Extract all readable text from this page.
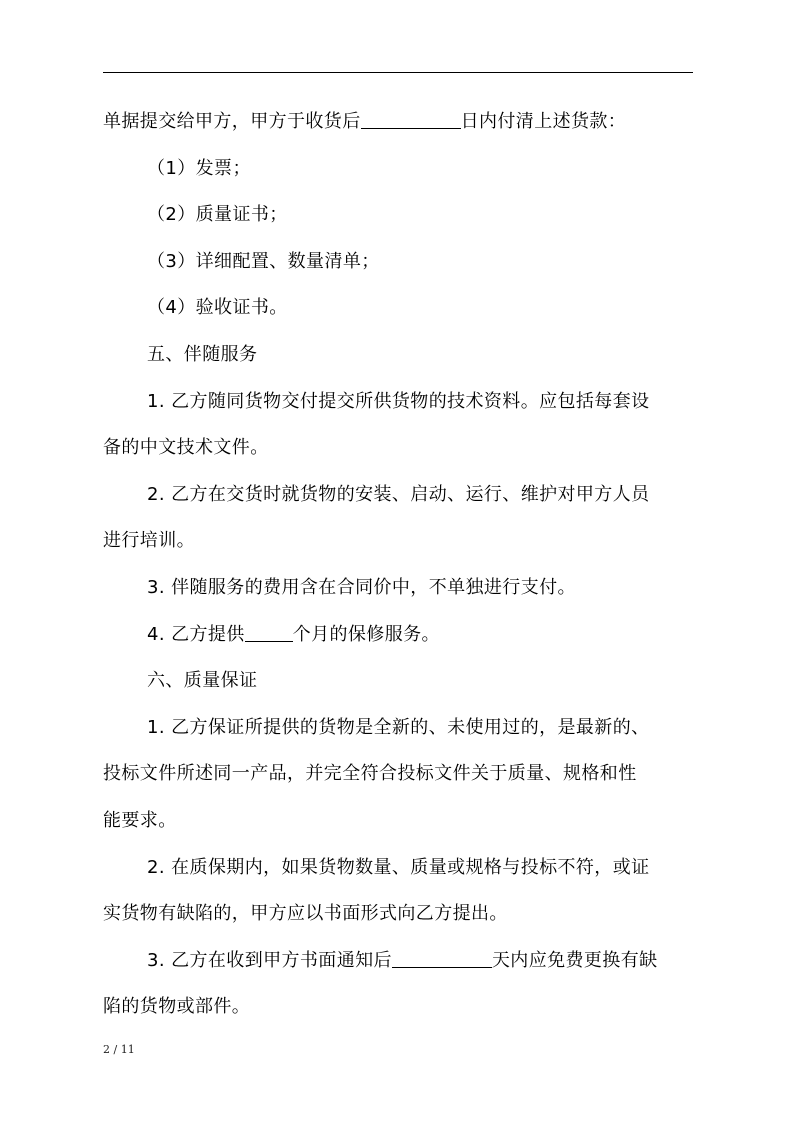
单据提交给甲方，甲方于收货后	日内付清上述货款：
（1）发票；
（2）质量证书；
（3）详细配置、数量清单；
（4）验收证书。
五、伴随服务
1. 乙方随同货物交付提交所供货物的技术资料。应包括每套设
备的中文技术文件。
2. 乙方在交货时就货物的安装、启动、运行、维护对甲方人员
进行培训。
3. 伴随服务的费用含在合同价中，不单独进行支付。
4. 乙方提供	个月的保修服务。
六、质量保证
1. 乙方保证所提供的货物是全新的、未使用过的，是最新的、
投标文件所述同一产品，并完全符合投标文件关于质量、规格和性
能要求。
2. 在质保期内，如果货物数量、质量或规格与投标不符，或证
实货物有缺陷的，甲方应以书面形式向乙方提出。
3. 乙方在收到甲方书面通知后	天内应免费更换有缺
陷的货物或部件。
2 / 11
